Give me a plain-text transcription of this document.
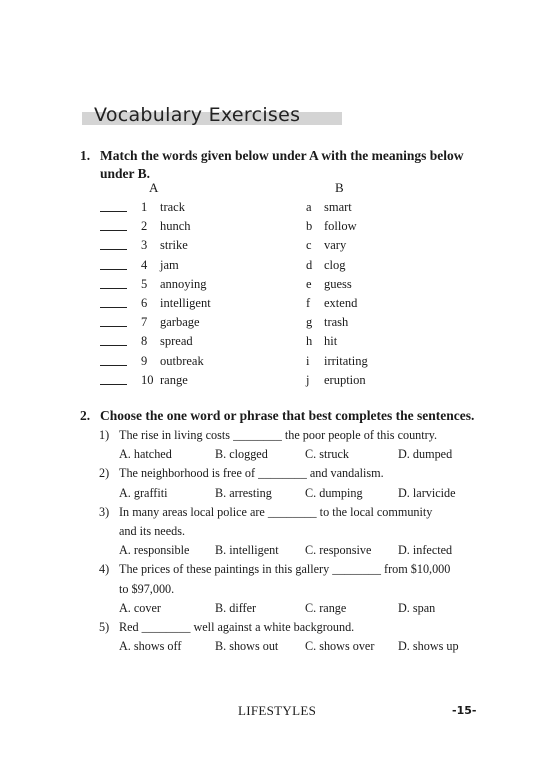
Vocabulary Exercises
1. Match the words given below under A with the meanings below under B.
A	B
1 track	a smart
2 hunch	b follow
3 strike	c vary
4 jam	d clog
5 annoying	e guess
6 intelligent	f extend
7 garbage	g trash
8 spread	h hit
9 outbreak	i irritating
10 range	j eruption
2. Choose the one word or phrase that best completes the sentences.
1) The rise in living costs ________ the poor people of this country.
A. hatched	B. clogged	C. struck	D. dumped
2) The neighborhood is free of ________ and vandalism.
A. graffiti	B. arresting	C. dumping	D. larvicide
3) In many areas local police are ________ to the local community
and its needs.
A. responsible B. intelligent C. responsive D. infected
4) The prices of these paintings in this gallery ________ from $10,000
to $97,000.
A. cover	B. differ	C. range	D. span
5) Red ________ well against a white background.
A. shows off	B. shows out C. shows over D. shows up
LIFESTYLES	-15-
